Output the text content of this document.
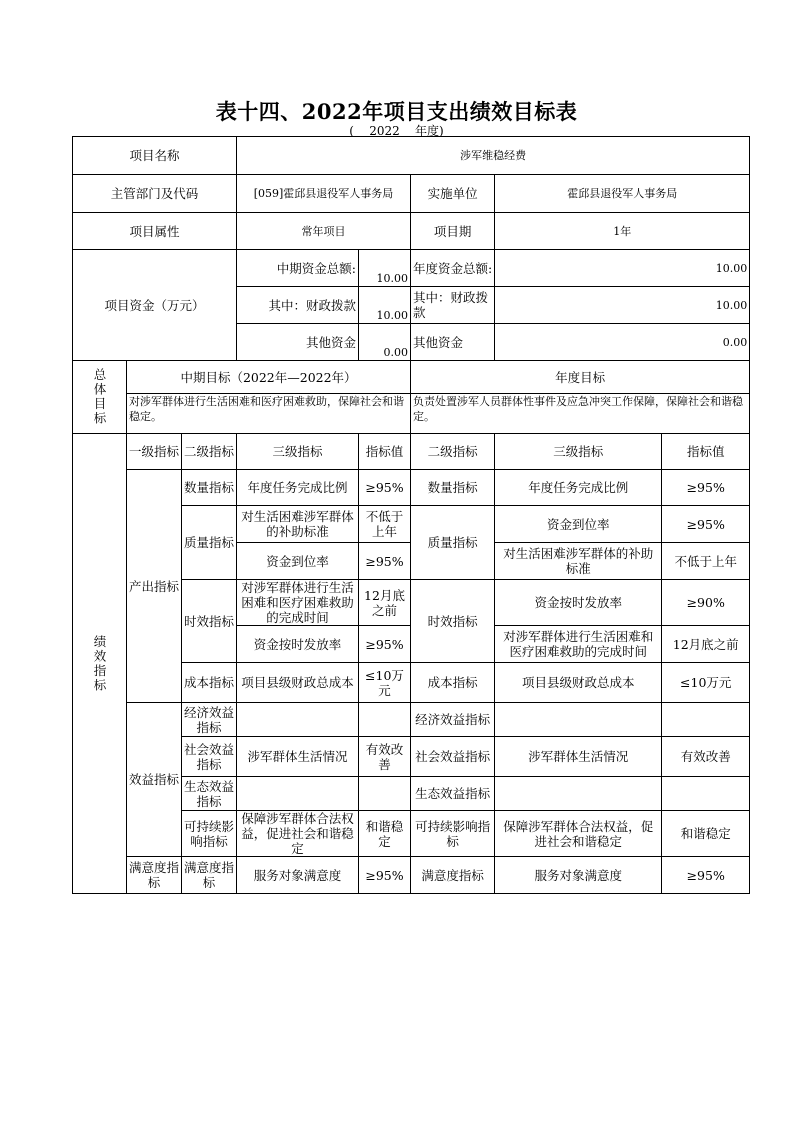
表十四、2022年项目支出绩效目标表
( 2022 年度)
项目名称			涉军维稳经费				
主管部门及代码			[059]霍邱县退役军人事务局		实施单位	霍邱县退役军人事务局	
项目属性			常年项目		项目期	1年	
项目资金（万元）			中期资金总额:	10.00	年度资金总额:	10.00	
			其中：财政拨款	10.00	其中：财政拨款	10.00	
			其他资金	0.00	其他资金	0.00	
总体目标	中期目标（2022年—2022年）				年度目标		
	对涉军群体进行生活困难和医疗困难救助，保障社会和谐稳定。				负责处置涉军人员群体性事件及应急冲突工作保障，保障社会和谐稳定。		
绩效指标	一级指标	二级指标	三级指标	指标值	二级指标	三级指标	指标值
	产出指标	数量指标	年度任务完成比例	≥95%	数量指标	年度任务完成比例	≥95%
		质量指标	对生活困难涉军群体的补助标准	不低于上年	质量指标	资金到位率	≥95%
			资金到位率	≥95%		对生活困难涉军群体的补助标准	不低于上年
		时效指标	对涉军群体进行生活困难和医疗困难救助的完成时间	12月底之前	时效指标	资金按时发放率	≥90%
			资金按时发放率	≥95%		对涉军群体进行生活困难和医疗困难救助的完成时间	12月底之前
		成本指标	项目县级财政总成本	≤10万元	成本指标	项目县级财政总成本	≤10万元
	效益指标	经济效益指标			经济效益指标		
		社会效益指标	涉军群体生活情况	有效改善	社会效益指标	涉军群体生活情况	有效改善
		生态效益指标			生态效益指标		
		可持续影响指标	保障涉军群体合法权益，促进社会和谐稳定	和谐稳定	可持续影响指标	保障涉军群体合法权益，促进社会和谐稳定	和谐稳定
	满意度指标	满意度指标	服务对象满意度	≥95%	满意度指标	服务对象满意度	≥95%
